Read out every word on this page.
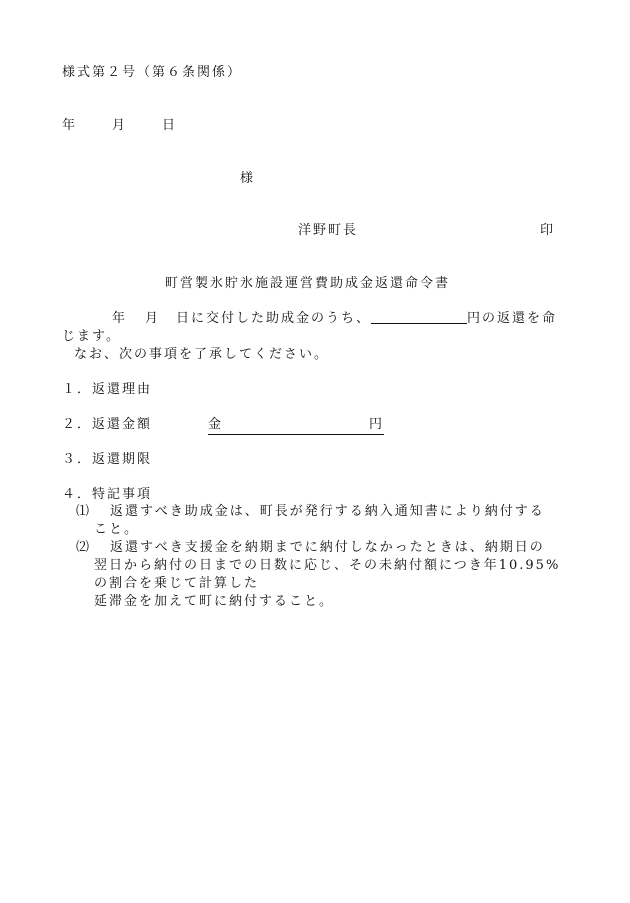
様式第２号（第６条関係）
年	月	日
様
洋野町長	印
町営製氷貯氷施設運営費助成金返還命令書
年 月 日に交付した助成金のうち、	円の返還を命
じます。
なお、次の事項を了承してください。
１．返還理由
２．返還金額	金	円
３．返還期限
４．特記事項
⑴ 返還すべき助成金は、町長が発行する納入通知書により納付する
こと。
⑵ 返還すべき支援金を納期までに納付しなかったときは、納期日の
翌日から納付の日までの日数に応じ、その未納付額につき年10.95%
の割合を乗じて計算した
延滞金を加えて町に納付すること。
